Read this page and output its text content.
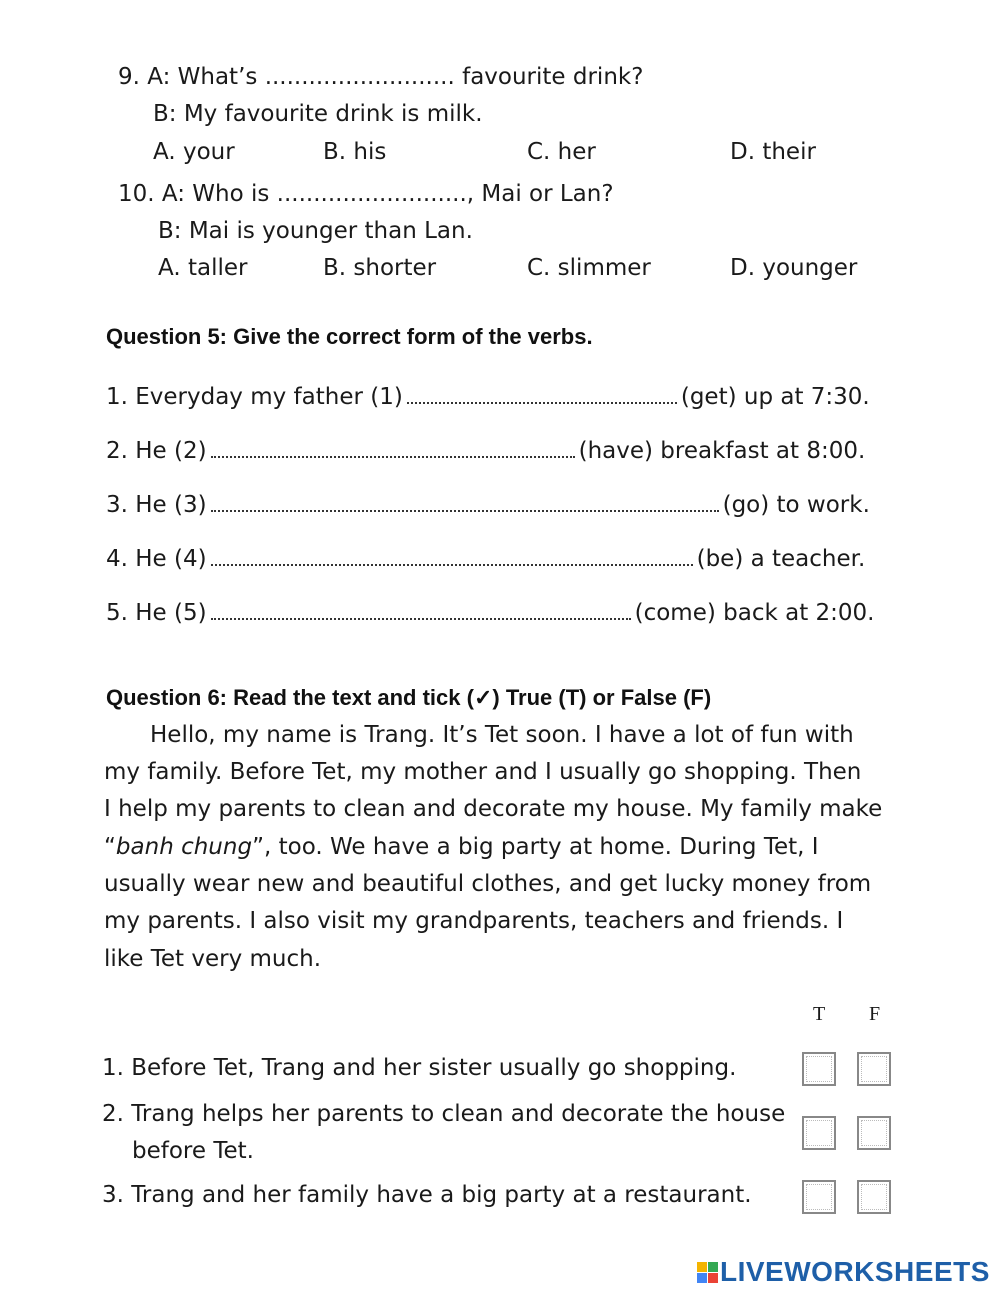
9. A: What’s .......................... favourite drink?
B: My favourite drink is milk.
A. your	B. his	C. her	D. their
10. A: Who is .........................., Mai or Lan?
B: Mai is younger than Lan.
A. taller	B. shorter	C. slimmer	D. younger
Question 5: Give the correct form of the verbs.
1. Everyday my father (1)	(get) up at 7:30.
2. He (2)	(have) breakfast at 8:00.
3. He (3)	(go) to work.
4. He (4)	(be) a teacher.
5. He (5)	(come) back at 2:00.
Question 6: Read the text and tick (✓) True (T) or False (F)
Hello, my name is Trang. It’s Tet soon. I have a lot of fun with
my family. Before Tet, my mother and I usually go shopping. Then
I help my parents to clean and decorate my house. My family make
“banh chung”, too. We have a big party at home. During Tet, I
usually wear new and beautiful clothes, and get lucky money from
my parents. I also visit my grandparents, teachers and friends. I
like Tet very much.
T F
1. Before Tet, Trang and her sister usually go shopping.
2. Trang helps her parents to clean and decorate the house
before Tet.
3. Trang and her family have a big party at a restaurant.
LIVEWORKSHEETS
